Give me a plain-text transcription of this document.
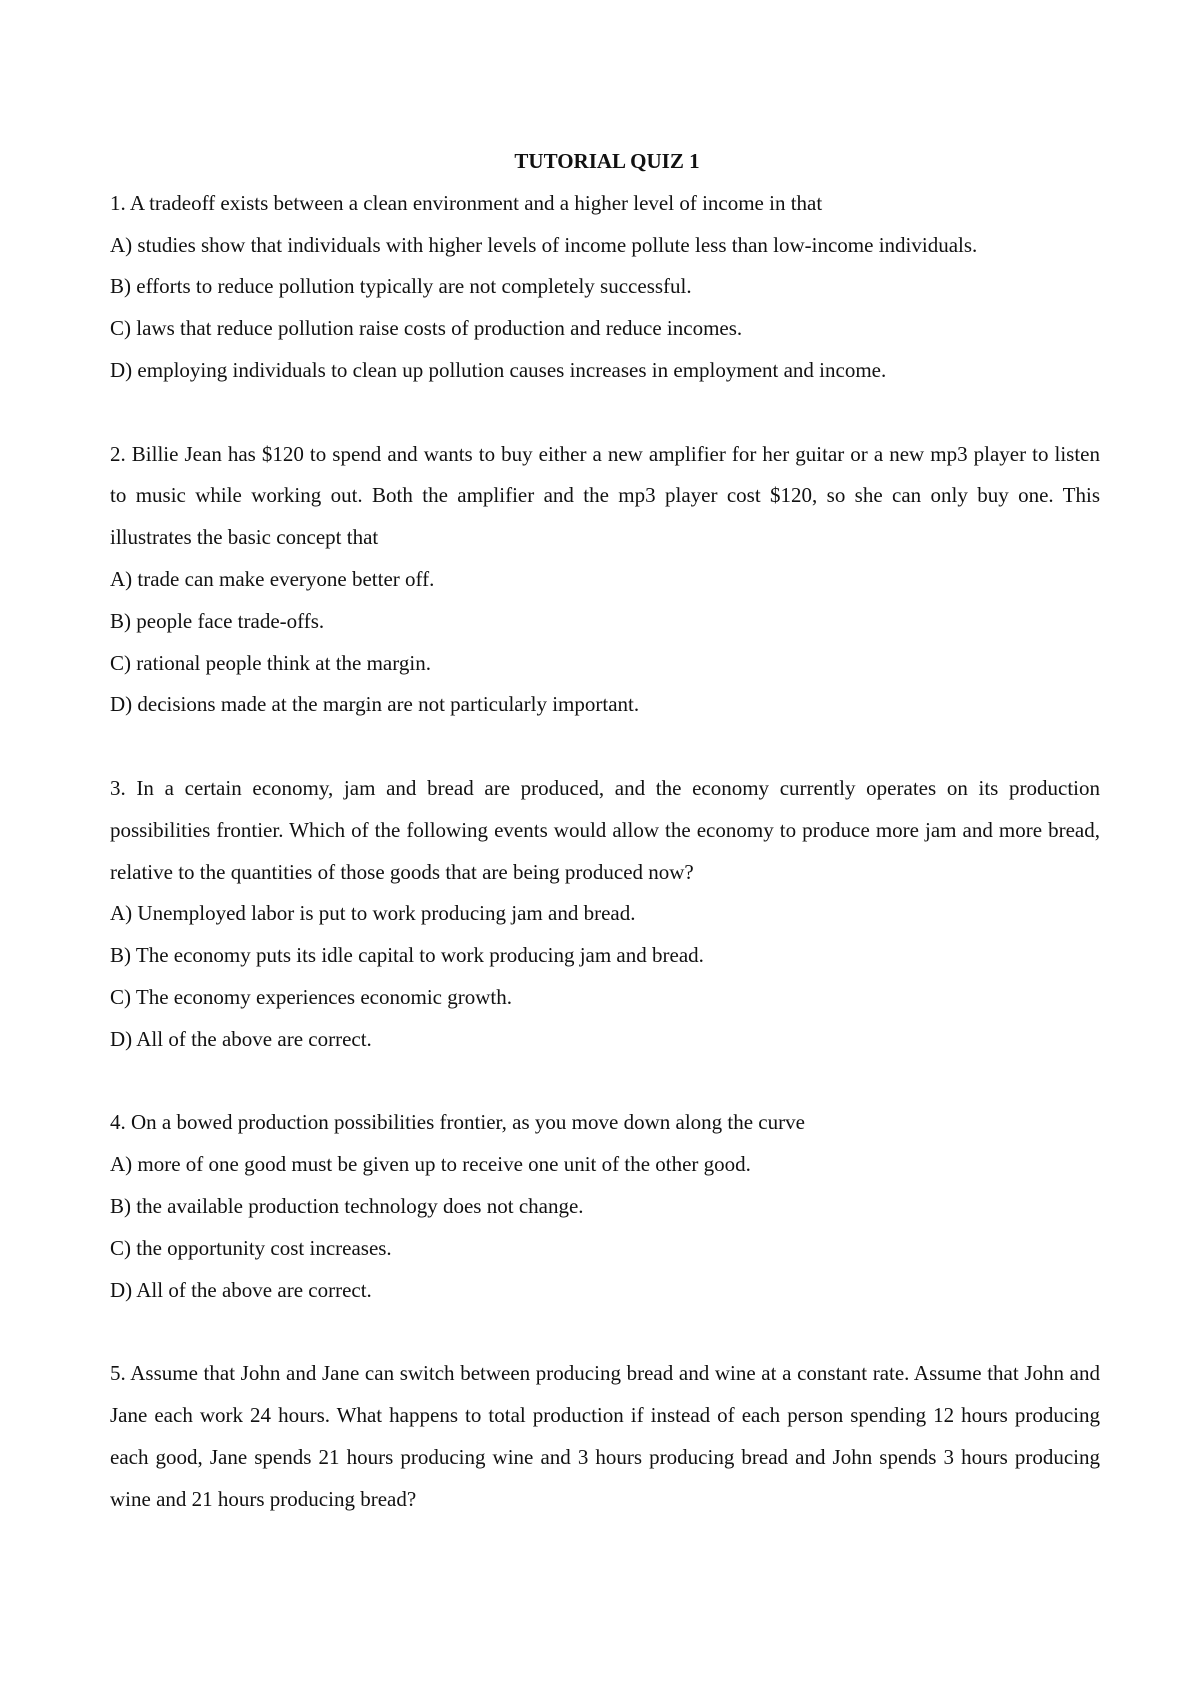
TUTORIAL QUIZ 1

1. A tradeoff exists between a clean environment and a higher level of income in that

A) studies show that individuals with higher levels of income pollute less than low-income individuals.

B) efforts to reduce pollution typically are not completely successful.

C) laws that reduce pollution raise costs of production and reduce incomes.

D) employing individuals to clean up pollution causes increases in employment and income.

2. Billie Jean has $120 to spend and wants to buy either a new amplifier for her guitar or a new mp3 player to listen to music while working out. Both the amplifier and the mp3 player cost $120, so she can only buy one. This illustrates the basic concept that

A) trade can make everyone better off.

B) people face trade-offs.

C) rational people think at the margin.

D) decisions made at the margin are not particularly important.

3. In a certain economy, jam and bread are produced, and the economy currently operates on its production possibilities frontier. Which of the following events would allow the economy to produce more jam and more bread, relative to the quantities of those goods that are being produced now?

A) Unemployed labor is put to work producing jam and bread.

B) The economy puts its idle capital to work producing jam and bread.

C) The economy experiences economic growth.

D) All of the above are correct.

4. On a bowed production possibilities frontier, as you move down along the curve

A) more of one good must be given up to receive one unit of the other good.

B) the available production technology does not change.

C) the opportunity cost increases.

D) All of the above are correct.

5. Assume that John and Jane can switch between producing bread and wine at a constant rate. Assume that John and Jane each work 24 hours. What happens to total production if instead of each person spending 12 hours producing each good, Jane spends 21 hours producing wine and 3 hours producing bread and John spends 3 hours producing wine and 21 hours producing bread?
